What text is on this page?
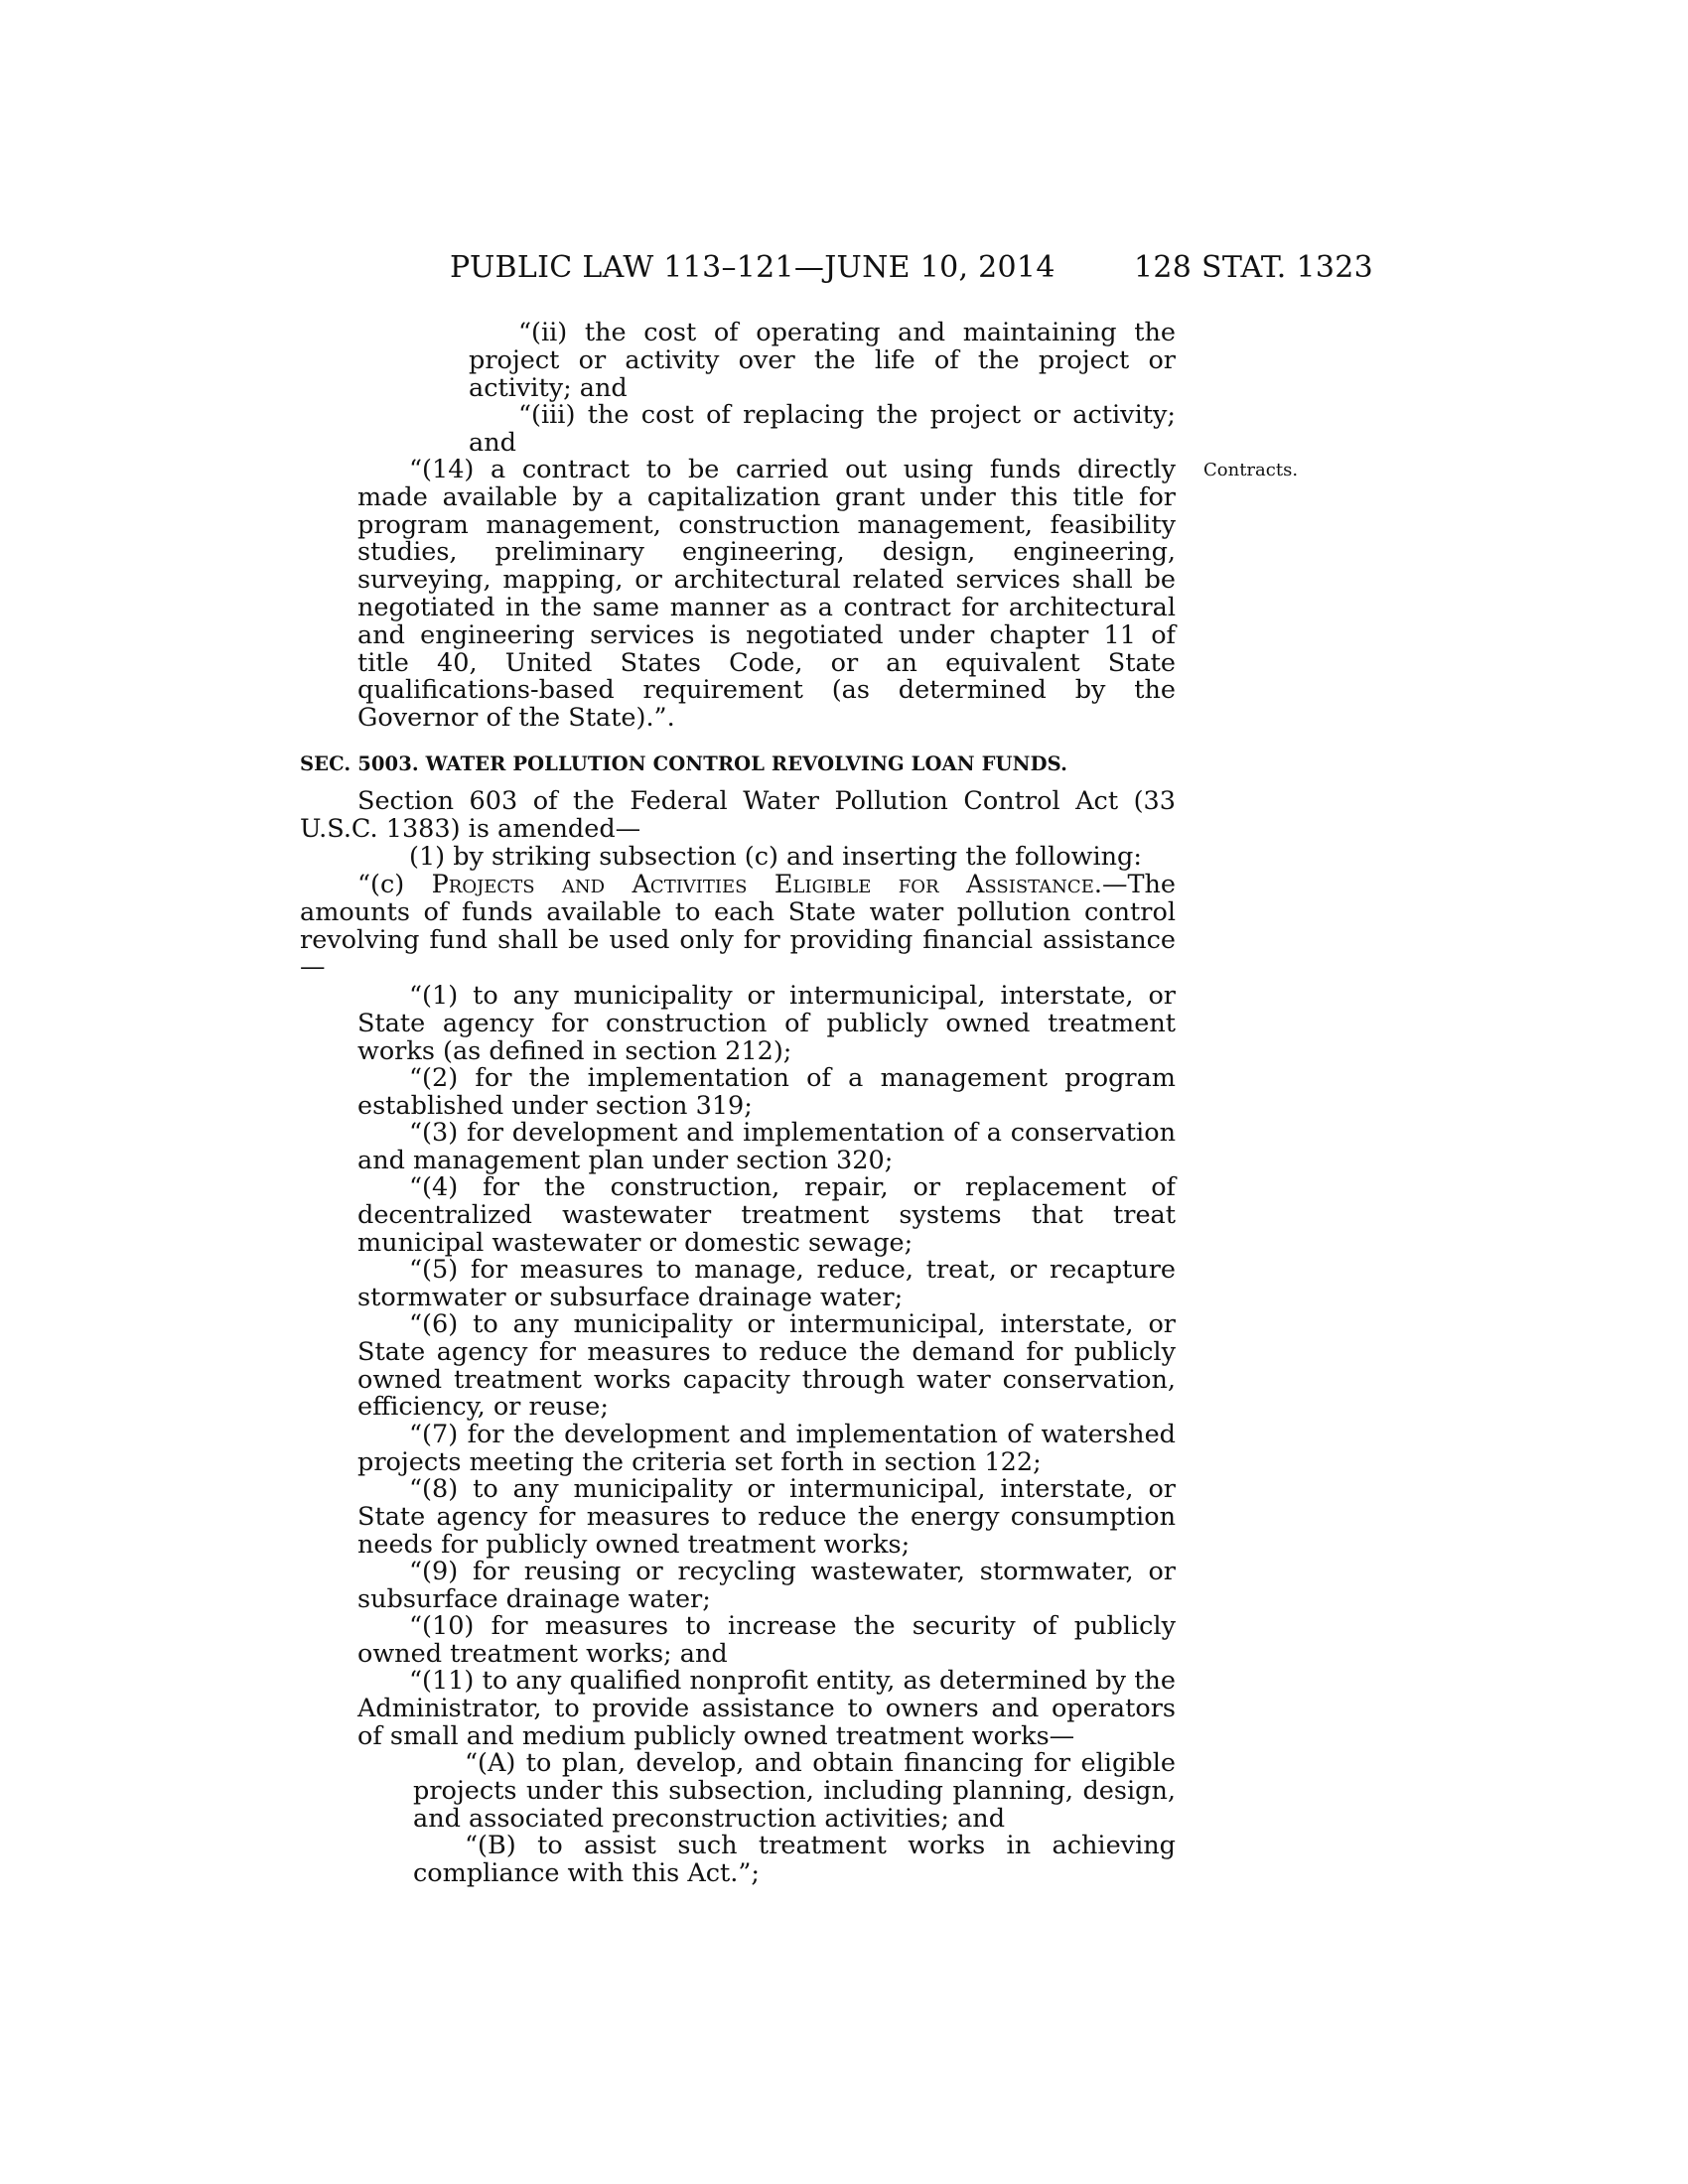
PUBLIC LAW 113–121—JUNE 10, 2014	128 STAT. 1323
Contracts.
“(ii) the cost of operating and maintaining the project or activity over the life of the project or activity; and
“(iii) the cost of replacing the project or activity; and
“(14) a contract to be carried out using funds directly made available by a capitalization grant under this title for program management, construction management, feasibility studies, preliminary engineering, design, engineering, surveying, mapping, or architectural related services shall be negotiated in the same manner as a contract for architectural and engineering services is negotiated under chapter 11 of title 40, United States Code, or an equivalent State qualifications-based requirement (as determined by the Governor of the State).”.
SEC. 5003. WATER POLLUTION CONTROL REVOLVING LOAN FUNDS.
Section 603 of the Federal Water Pollution Control Act (33 U.S.C. 1383) is amended—
(1) by striking subsection (c) and inserting the following:
“(c) Projects and Activities Eligible for Assistance.—The amounts of funds available to each State water pollution control revolving fund shall be used only for providing financial assistance—
“(1) to any municipality or intermunicipal, interstate, or State agency for construction of publicly owned treatment works (as defined in section 212);
“(2) for the implementation of a management program established under section 319;
“(3) for development and implementation of a conservation and management plan under section 320;
“(4) for the construction, repair, or replacement of decentralized wastewater treatment systems that treat municipal wastewater or domestic sewage;
“(5) for measures to manage, reduce, treat, or recapture stormwater or subsurface drainage water;
“(6) to any municipality or intermunicipal, interstate, or State agency for measures to reduce the demand for publicly owned treatment works capacity through water conservation, efficiency, or reuse;
“(7) for the development and implementation of watershed projects meeting the criteria set forth in section 122;
“(8) to any municipality or intermunicipal, interstate, or State agency for measures to reduce the energy consumption needs for publicly owned treatment works;
“(9) for reusing or recycling wastewater, stormwater, or subsurface drainage water;
“(10) for measures to increase the security of publicly owned treatment works; and
“(11) to any qualified nonprofit entity, as determined by the Administrator, to provide assistance to owners and operators of small and medium publicly owned treatment works—
“(A) to plan, develop, and obtain financing for eligible projects under this subsection, including planning, design, and associated preconstruction activities; and
“(B) to assist such treatment works in achieving compliance with this Act.”;
